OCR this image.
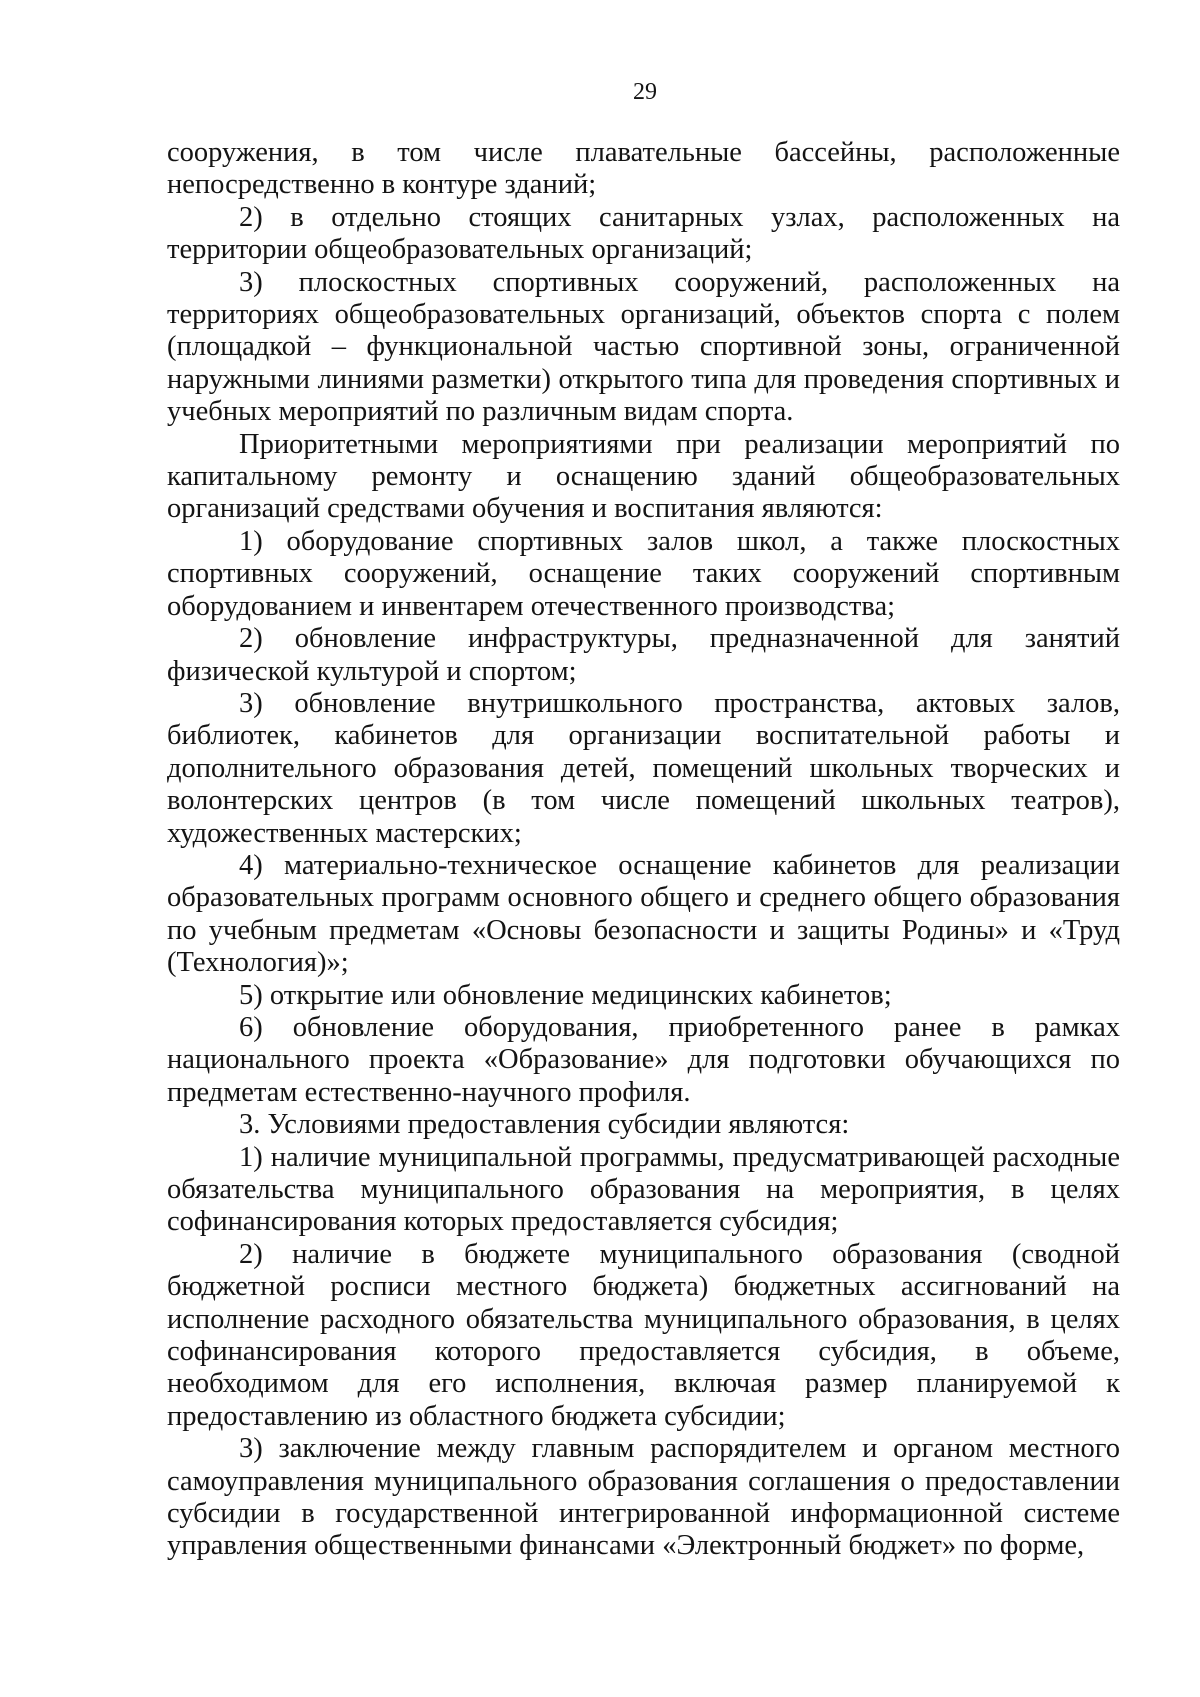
29

сооружения, в том числе плавательные бассейны, расположенные непосредственно в контуре зданий;

2) в отдельно стоящих санитарных узлах, расположенных на территории общеобразовательных организаций;

3) плоскостных спортивных сооружений, расположенных на территориях общеобразовательных организаций, объектов спорта с полем (площадкой – функциональной частью спортивной зоны, ограниченной наружными линиями разметки) открытого типа для проведения спортивных и учебных мероприятий по различным видам спорта.

Приоритетными мероприятиями при реализации мероприятий по капитальному ремонту и оснащению зданий общеобразовательных организаций средствами обучения и воспитания являются:

1) оборудование спортивных залов школ, а также плоскостных спортивных сооружений, оснащение таких сооружений спортивным оборудованием и инвентарем отечественного производства;

2) обновление инфраструктуры, предназначенной для занятий физической культурой и спортом;

3) обновление внутришкольного пространства, актовых залов, библиотек, кабинетов для организации воспитательной работы и дополнительного образования детей, помещений школьных творческих и волонтерских центров (в том числе помещений школьных театров), художественных мастерских;

4) материально-техническое оснащение кабинетов для реализации образовательных программ основного общего и среднего общего образования по учебным предметам «Основы безопасности и защиты Родины» и «Труд (Технология)»;

5) открытие или обновление медицинских кабинетов;

6) обновление оборудования, приобретенного ранее в рамках национального проекта «Образование» для подготовки обучающихся по предметам естественно-научного профиля.

3. Условиями предоставления субсидии являются:

1) наличие муниципальной программы, предусматривающей расходные обязательства муниципального образования на мероприятия, в целях софинансирования которых предоставляется субсидия;

2) наличие в бюджете муниципального образования (сводной бюджетной росписи местного бюджета) бюджетных ассигнований на исполнение расходного обязательства муниципального образования, в целях софинансирования которого предоставляется субсидия, в объеме, необходимом для его исполнения, включая размер планируемой к предоставлению из областного бюджета субсидии;

3) заключение между главным распорядителем и органом местного самоуправления муниципального образования соглашения о предоставлении субсидии в государственной интегрированной информационной системе управления общественными финансами «Электронный бюджет» по форме,
